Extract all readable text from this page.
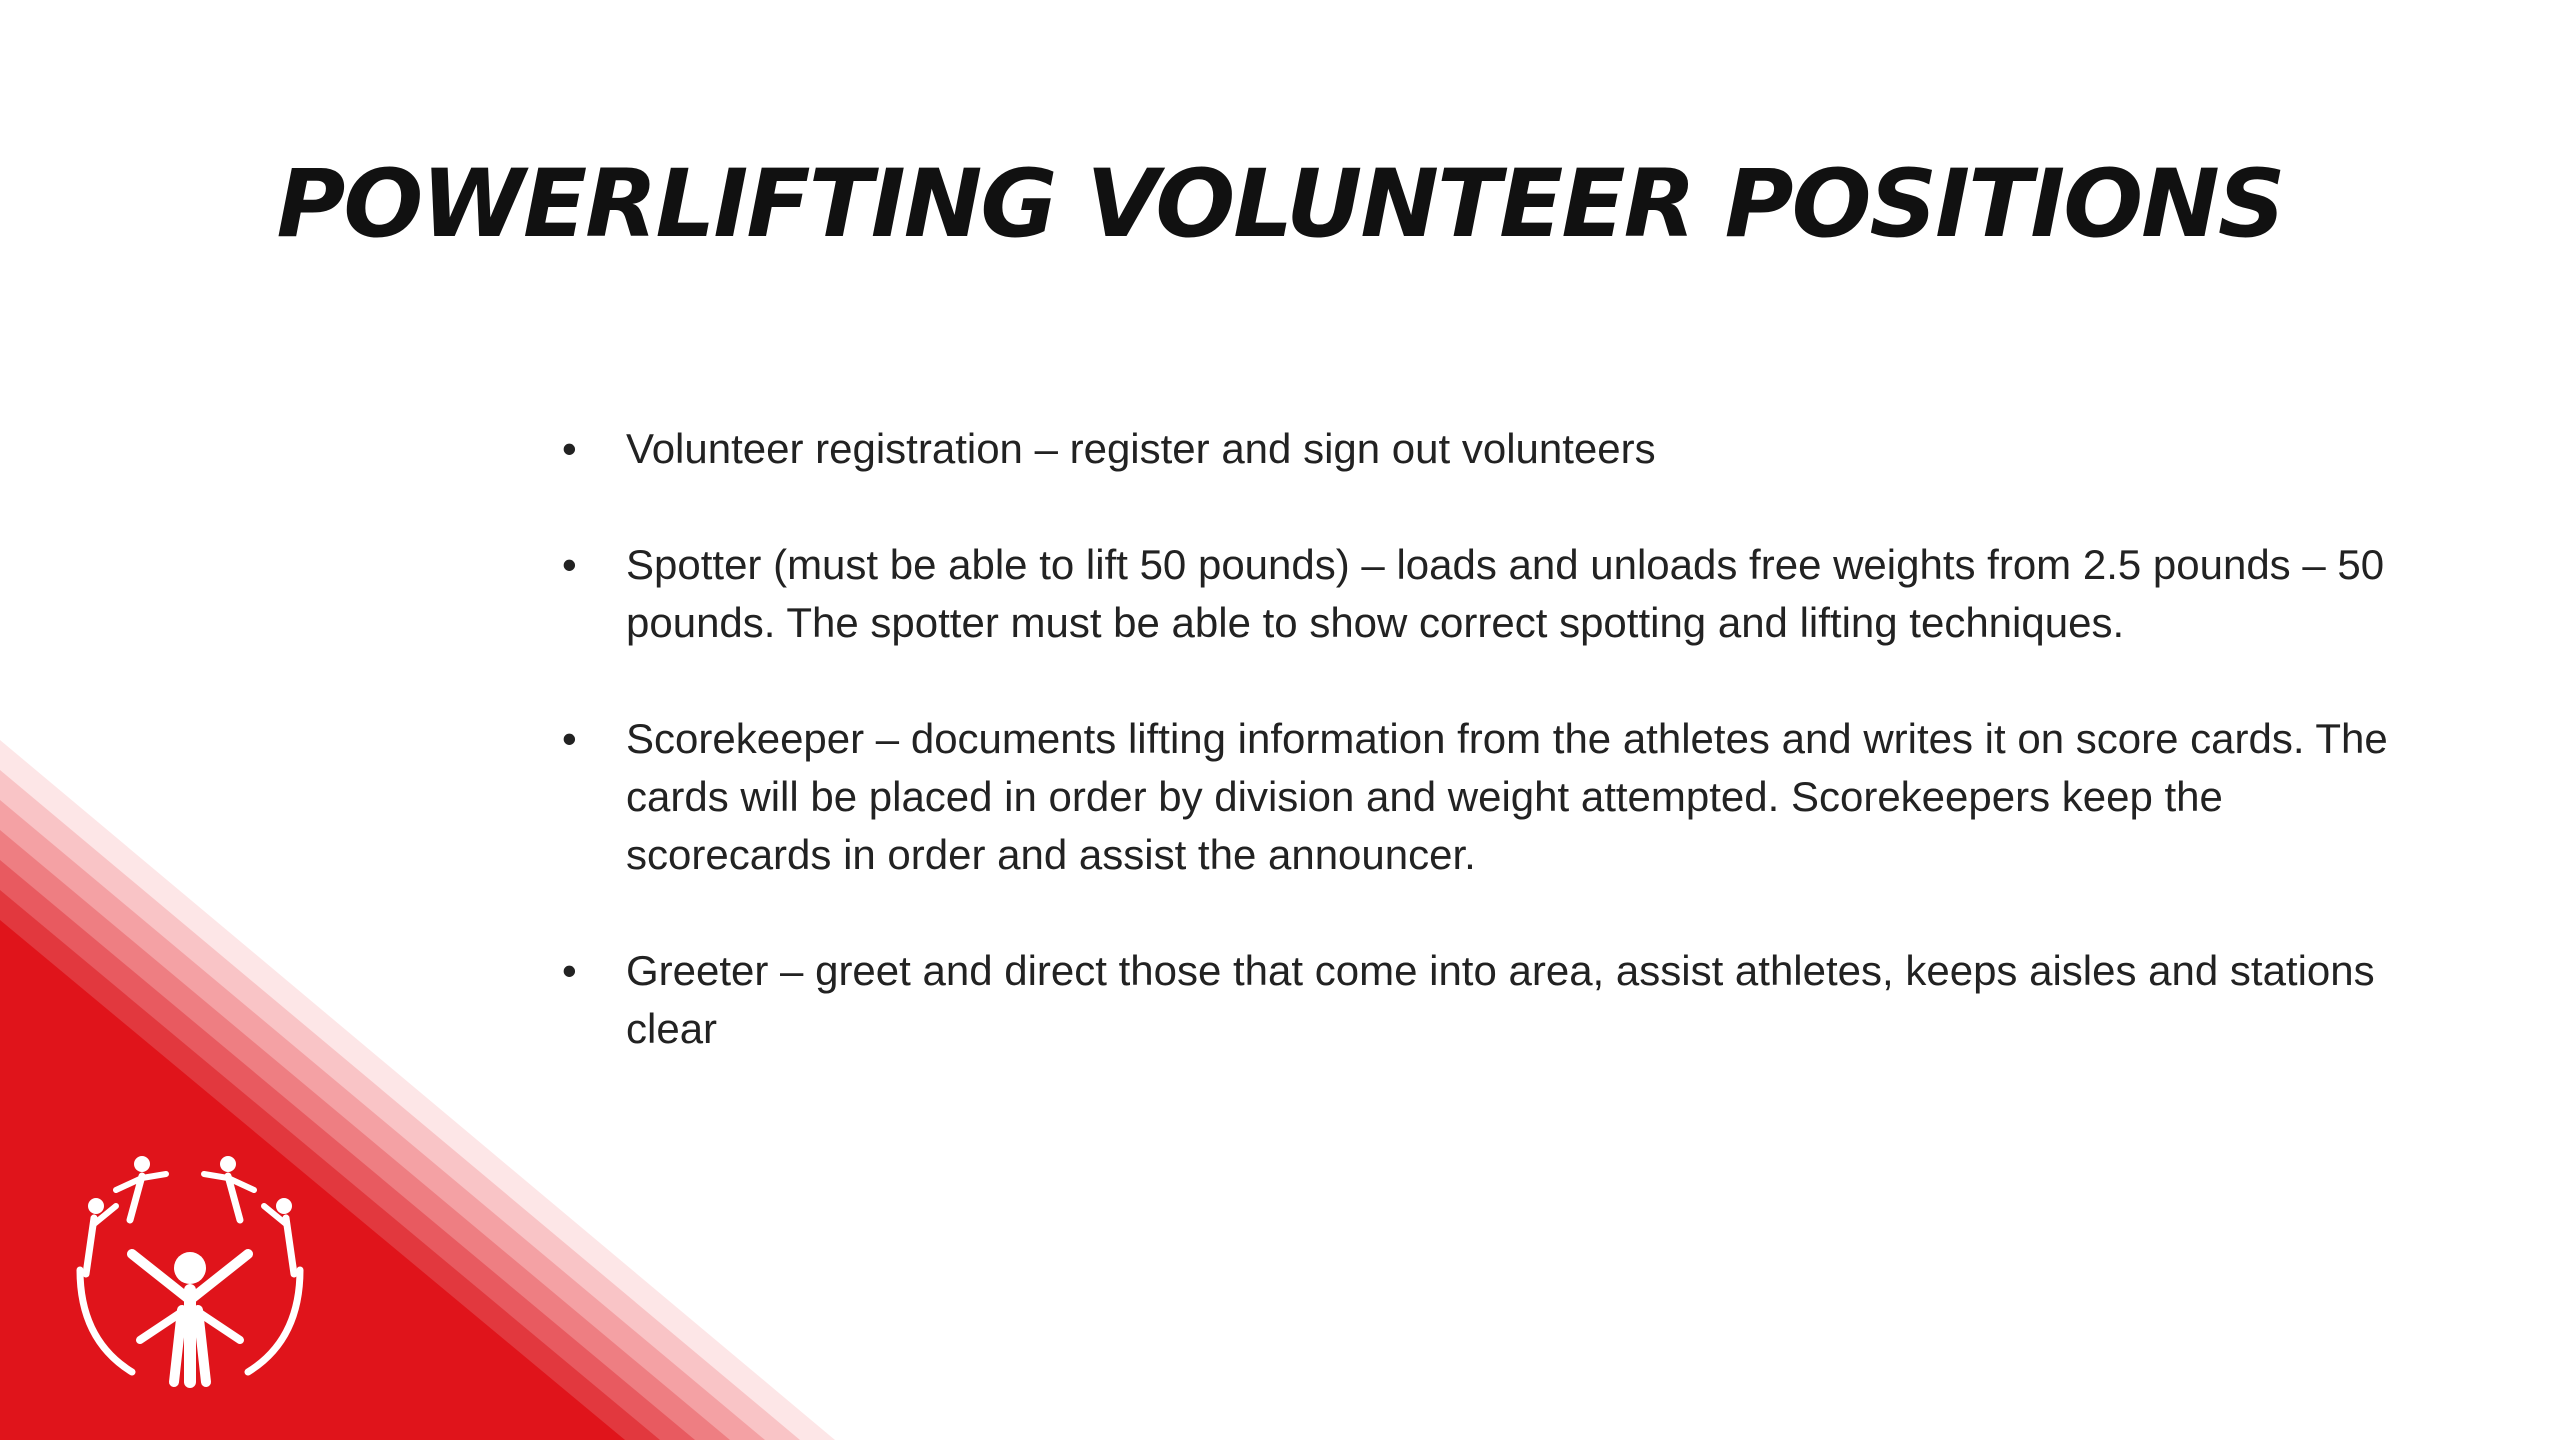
POWERLIFTING VOLUNTEER POSITIONS
• Volunteer registration – register and sign out volunteers
• Spotter (must be able to lift 50 pounds) – loads and unloads free weights from 2.5 pounds – 50 pounds. The spotter must be able to show correct spotting and lifting techniques.
• Scorekeeper – documents lifting information from the athletes and writes it on score cards. The cards will be placed in order by division and weight attempted. Scorekeepers keep the scorecards in order and assist the announcer.
• Greeter – greet and direct those that come into area, assist athletes, keeps aisles and stations clear
